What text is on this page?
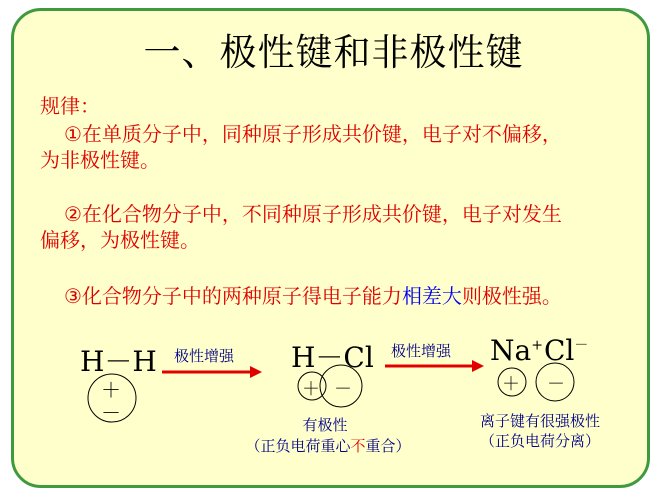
一、极性键和非极性键
规律：
①在单质分子中，同种原子形成共价键，电子对不偏移，
为非极性键。
②在化合物分子中，不同种原子形成共价键，电子对发生
偏移，为极性键。
③化合物分子中的两种原子得电子能力相差大则极性强。
H－H
＋
－
极性增强 H－Cl
＋ －
有极性
（正负电荷重心不重合）
极性增强 Na+ Cl－
＋ －
离子键有很强极性
（正负电荷分离）
